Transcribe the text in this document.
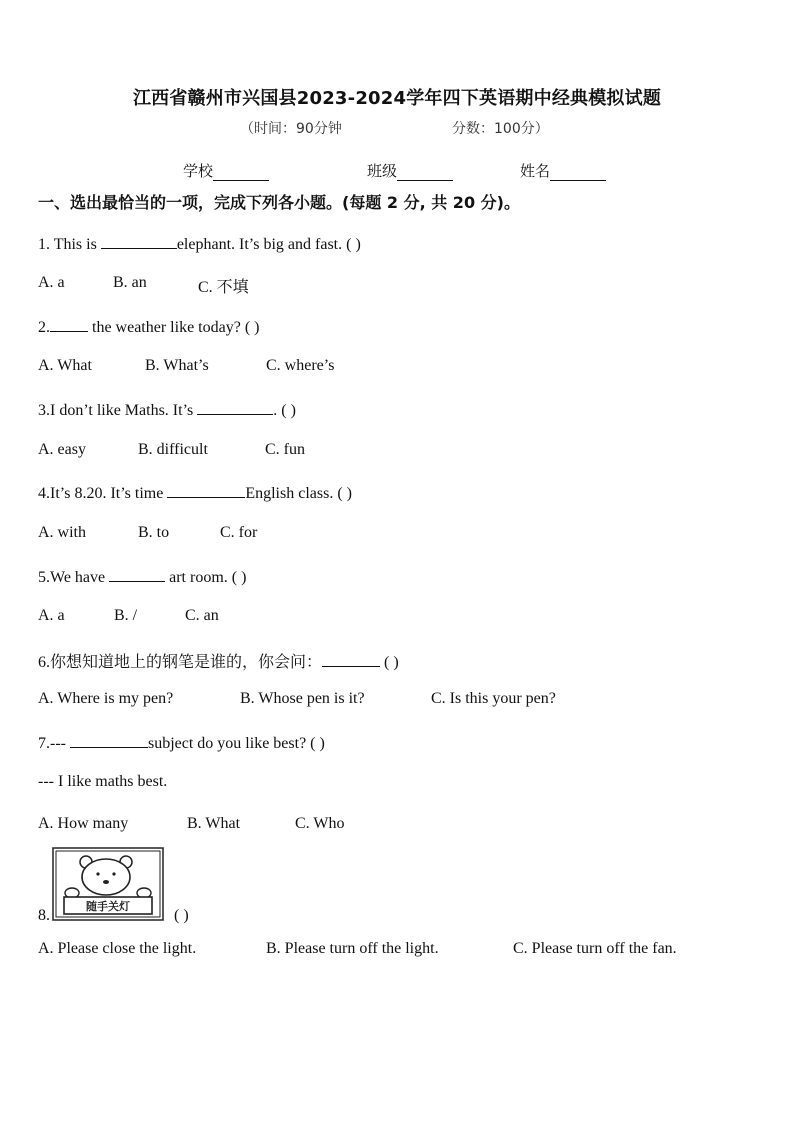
江西省赣州市兴国县2023-2024学年四下英语期中经典模拟试题
（时间：90分钟	分数：100分）
学校	班级	姓名
一、选出最恰当的一项，完成下列各小题。(每题 2 分, 共 20 分)。
1. This is	elephant. It’s big and fast. ( )
A. a	B. an	C. 不填
2. the weather like today? ( )
A. What	B. What’s	C. where’s
3.I don’t like Maths. It’s	. ( )
A. easy	B. difficult	C. fun
4.It’s 8.20. It’s time	English class. ( )
A. with	B. to	C. for
5.We have	art room. ( )
A. a	B. /	C. an
6.你想知道地上的钢笔是谁的，你会问：	( )
A. Where is my pen?	B. Whose pen is it?	C. Is this your pen?
7.---	subject do you like best? ( )
--- I like maths best.
A. How many	B. What	C. Who
8.
随手关灯
( )
A. Please close the light.	B. Please turn off the light.	C. Please turn off the fan.
